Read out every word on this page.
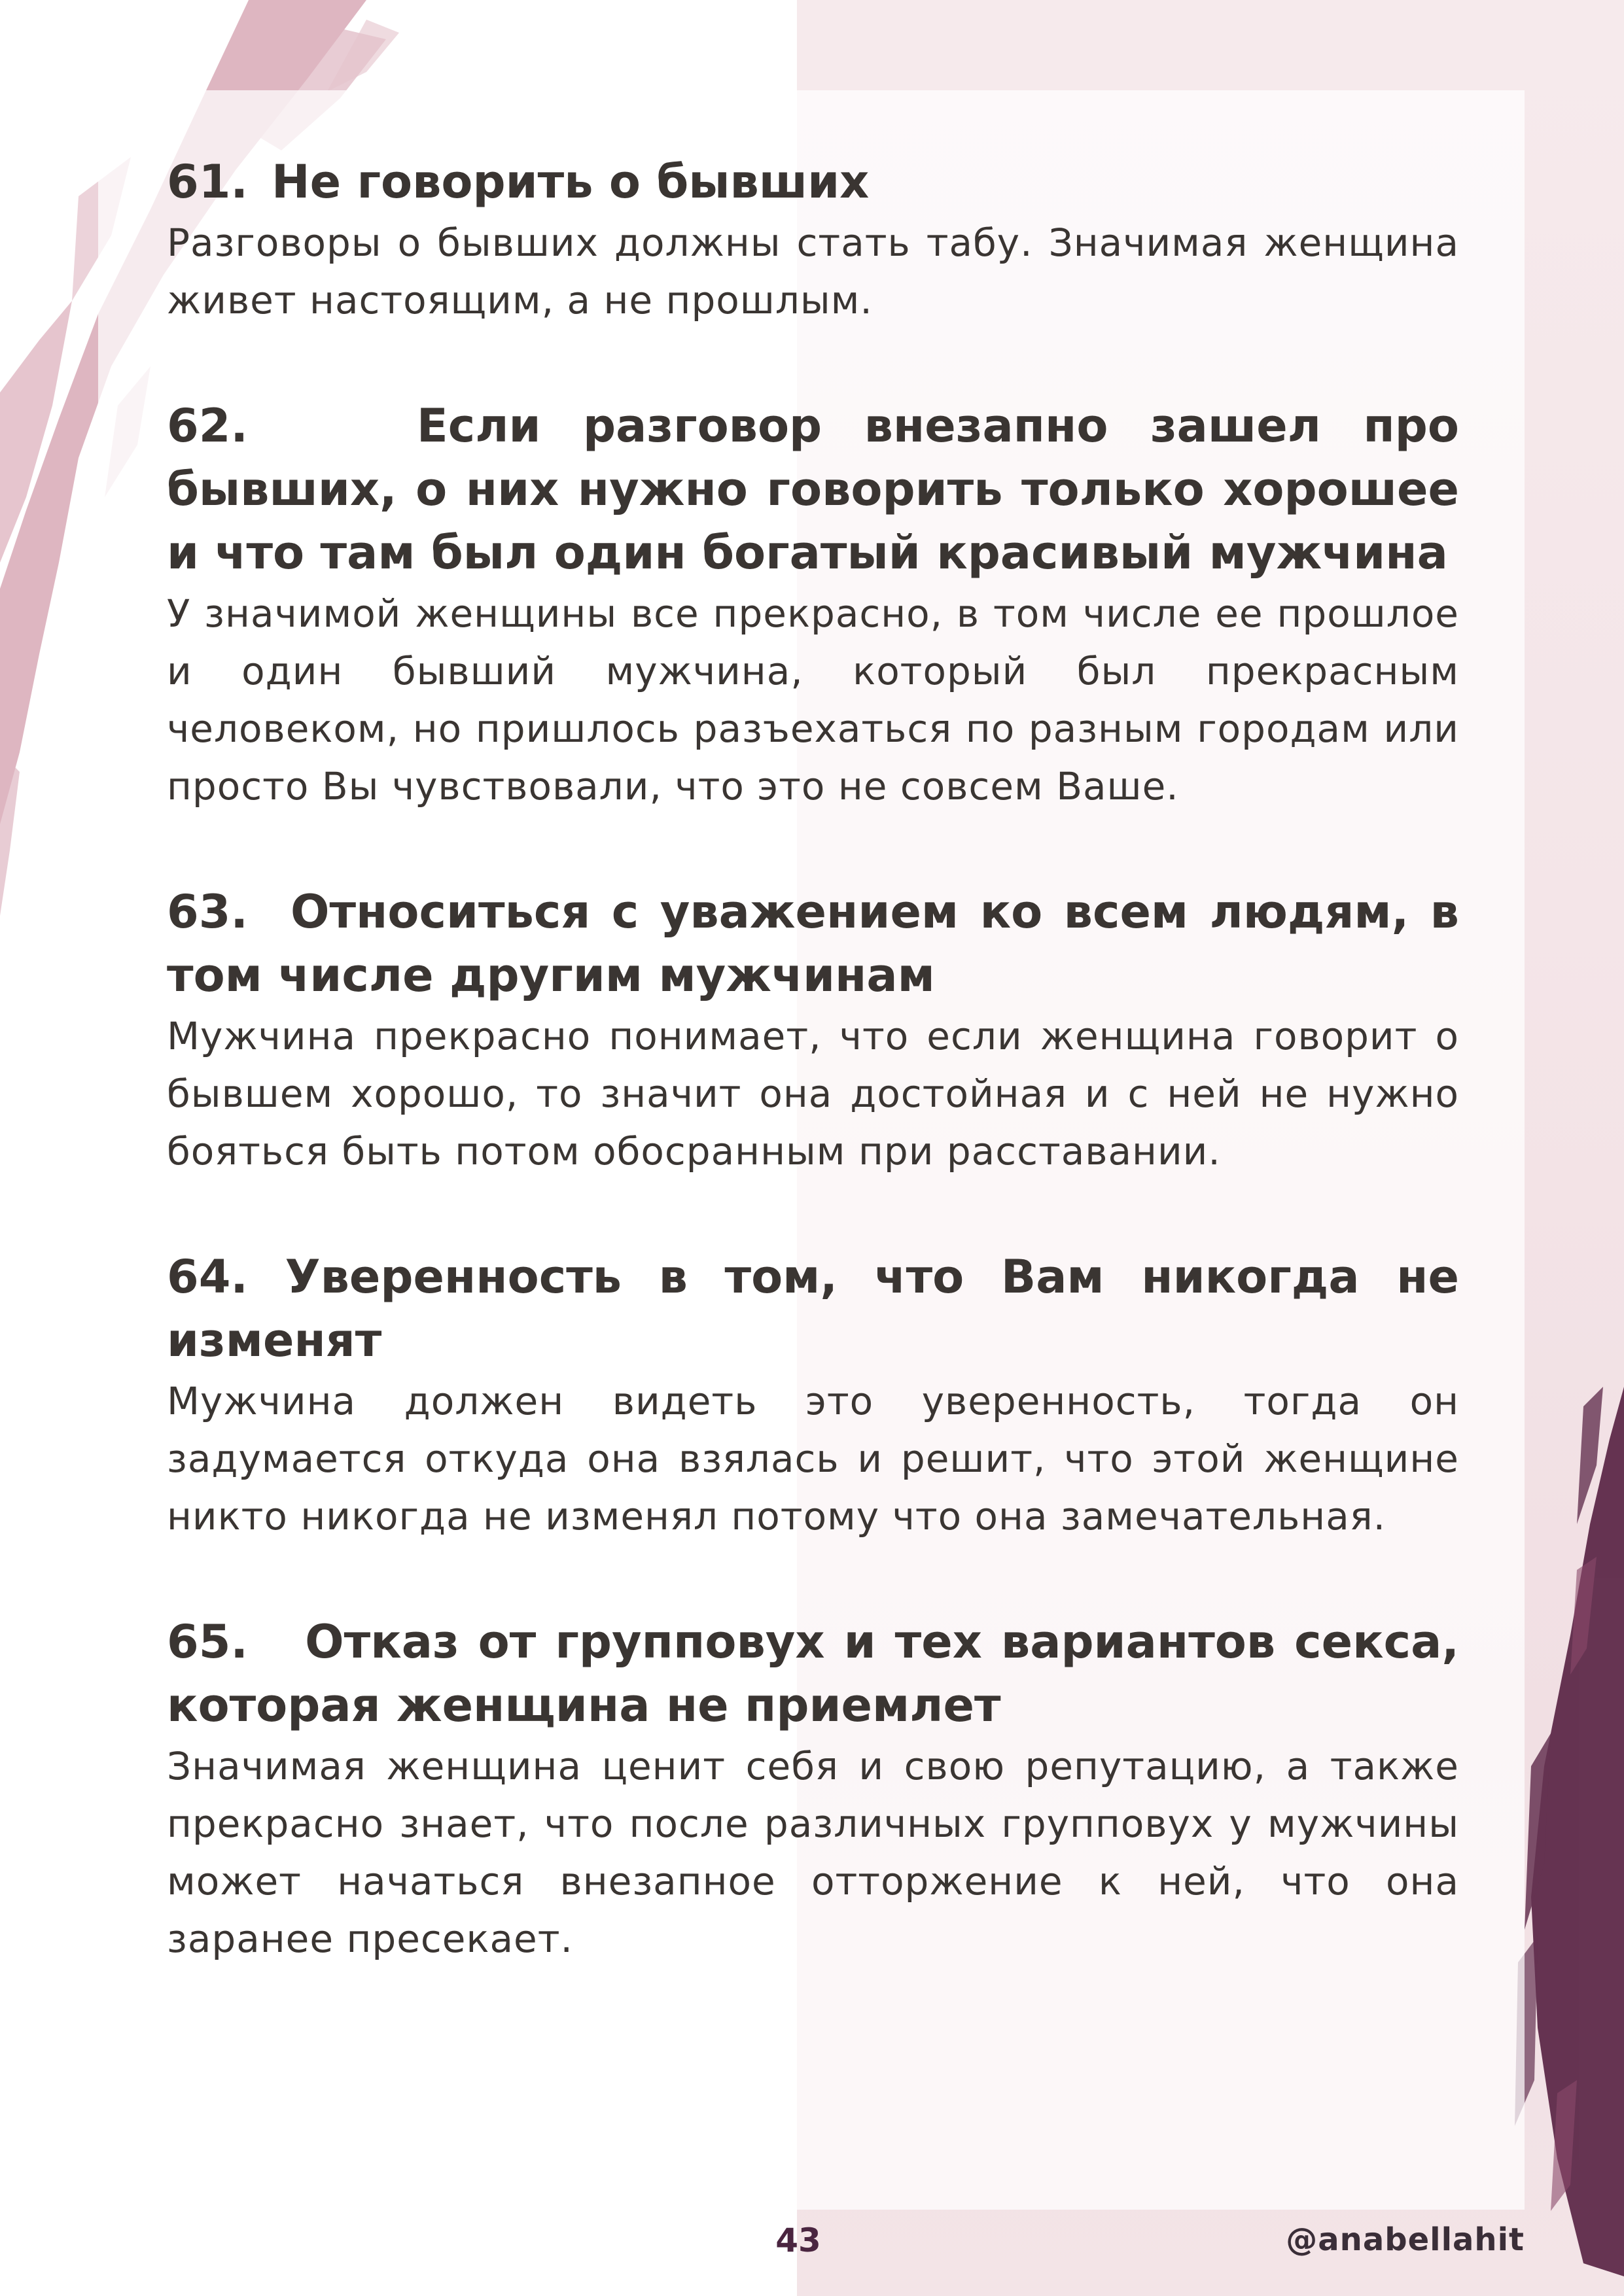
61. Не говорить о бывших

Разговоры о бывших должны стать табу. Значимая женщина живет настоящим, а не прошлым.

62.	Если разговор внезапно зашел про бывших, о них нужно говорить только хорошее и что там был один богатый красивый мужчина

У значимой женщины все прекрасно, в том числе ее прошлое и один бывший мужчина, который был прекрасным человеком, но пришлось разъехаться по разным городам или просто Вы чувствовали, что это не совсем Ваше.

63. Относиться с уважением ко всем людям, в том числе другим мужчинам

Мужчина прекрасно понимает, что если женщина говорит о бывшем хорошо, то значит она достойная и с ней не нужно бояться быть потом обосранным при расставании.

64. Уверенность в том, что Вам никогда не изменят

Мужчина должен видеть это уверенность, тогда он задумается откуда она взялась и решит, что этой женщине никто никогда не изменял потому что она замечательная.

65. Отказ от групповух и тех вариантов секса, которая женщина не приемлет

Значимая женщина ценит себя и свою репутацию, а также прекрасно знает, что после различных групповух у мужчины может начаться внезапное отторжение к ней, что она заранее пресекает.

43	@anabellahit
